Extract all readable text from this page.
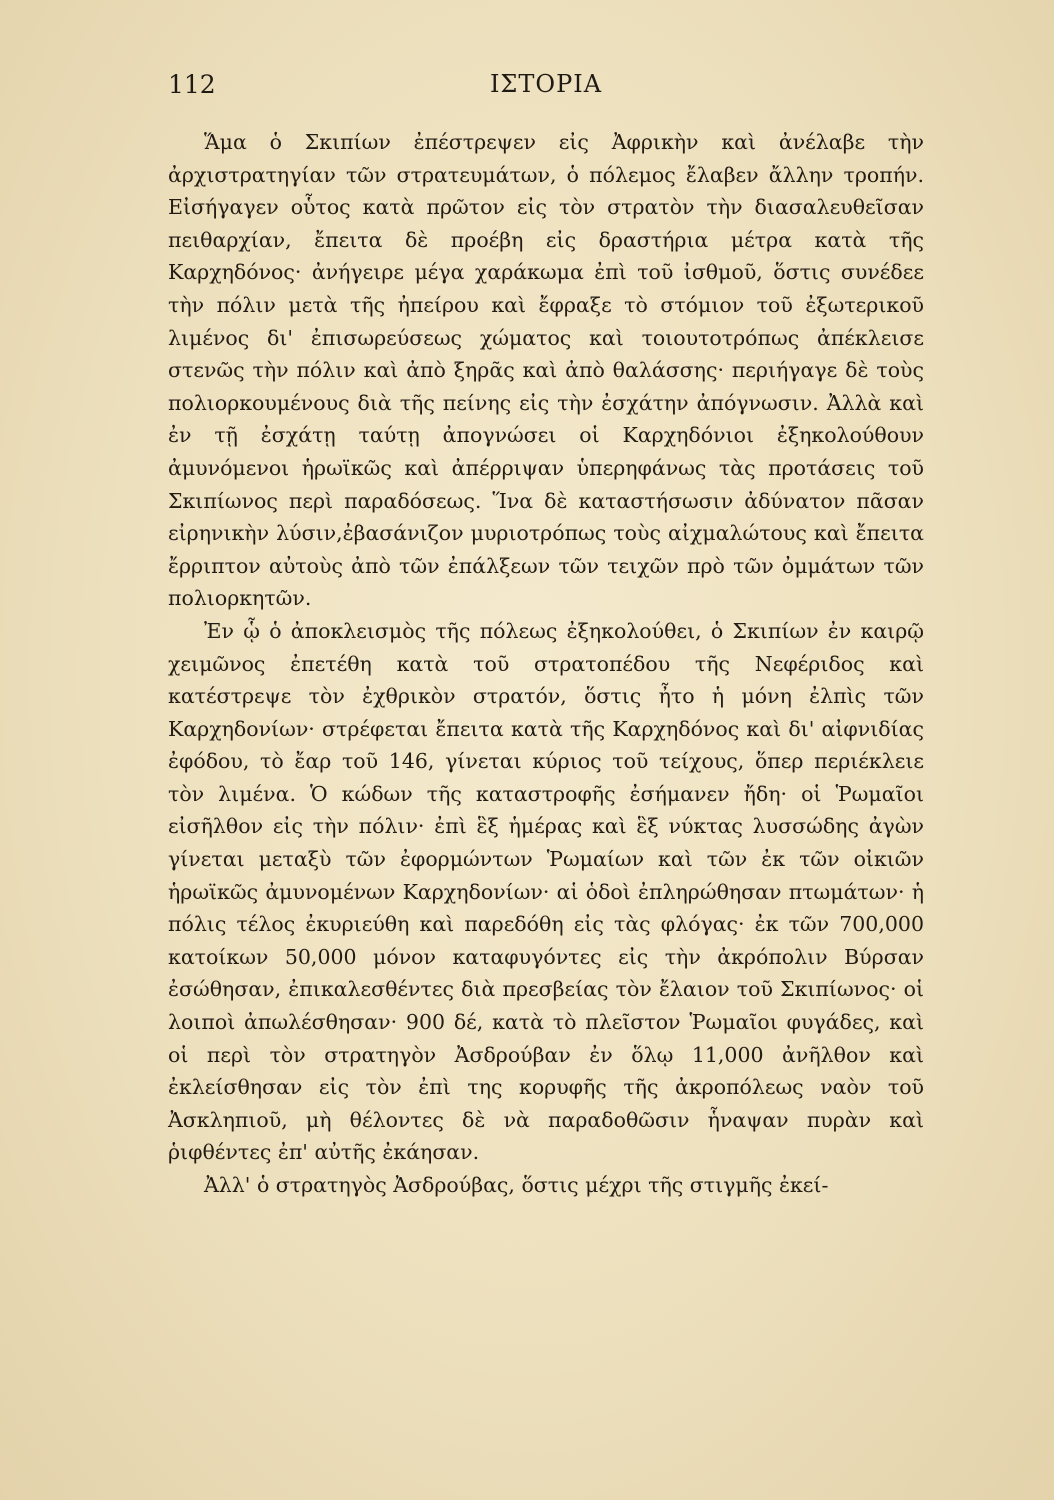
112	ΙΣΤΟΡΙΑ

Ἅμα ὁ Σκιπίων ἐπέστρεψεν εἰς Ἀφρικὴν καὶ ἀνέλαβε τὴν ἀρχιστρατηγίαν τῶν στρατευμάτων, ὁ πόλεμος ἔλαβεν ἄλλην τροπήν. Εἰσήγαγεν οὗτος κατὰ πρῶτον εἰς τὸν στρατὸν τὴν διασαλευθεῖσαν πειθαρχίαν, ἔπειτα δὲ προέβη εἰς δραστήρια μέτρα κατὰ τῆς Καρχηδόνος· ἀνήγειρε μέγα χαράκωμα ἐπὶ τοῦ ἰσθμοῦ, ὅστις συνέδεε τὴν πόλιν μετὰ τῆς ἠπείρου καὶ ἔφραξε τὸ στόμιον τοῦ ἐξωτερικοῦ λιμένος δι' ἐπισωρεύσεως χώματος καὶ τοιουτοτρόπως ἀπέκλεισε στενῶς τὴν πόλιν καὶ ἀπὸ ξηρᾶς καὶ ἀπὸ θαλάσσης· περιήγαγε δὲ τοὺς πολιορκουμένους διὰ τῆς πείνης εἰς τὴν ἐσχάτην ἀπόγνωσιν. Ἀλλὰ καὶ ἐν τῇ ἐσχάτῃ ταύτῃ ἀπογνώσει οἱ Καρχηδόνιοι ἐξηκολούθουν ἀμυνόμενοι ἡρωϊκῶς καὶ ἀπέρριψαν ὑπερηφάνως τὰς προτάσεις τοῦ Σκιπίωνος περὶ παραδόσεως. Ἵνα δὲ καταστήσωσιν ἀδύνατον πᾶσαν εἰρηνικὴν λύσιν,ἐβασάνιζον μυριοτρόπως τοὺς αἰχμαλώτους καὶ ἔπειτα ἔρριπτον αὐτοὺς ἀπὸ τῶν ἐπάλξεων τῶν τειχῶν πρὸ τῶν ὀμμάτων τῶν πολιορκητῶν.

Ἐν ᾧ ὁ ἀποκλεισμὸς τῆς πόλεως ἐξηκολούθει, ὁ Σκιπίων ἐν καιρῷ χειμῶνος ἐπετέθη κατὰ τοῦ στρατοπέδου τῆς Νεφέριδος καὶ κατέστρεψε τὸν ἐχθρικὸν στρατόν, ὅστις ἦτο ἡ μόνη ἐλπὶς τῶν Καρχηδονίων· στρέφεται ἔπειτα κατὰ τῆς Καρχηδόνος καὶ δι' αἰφνιδίας ἐφόδου, τὸ ἔαρ τοῦ 146, γίνεται κύριος τοῦ τείχους, ὅπερ περιέκλειε τὸν λιμένα. Ὁ κώδων τῆς καταστροφῆς ἐσήμανεν ἤδη· οἱ Ῥωμαῖοι εἰσῆλθον εἰς τὴν πόλιν· ἐπὶ ἓξ ἡμέρας καὶ ἓξ νύκτας λυσσώδης ἀγὼν γίνεται μεταξὺ τῶν ἐφορμώντων Ῥωμαίων καὶ τῶν ἐκ τῶν οἰκιῶν ἡρωϊκῶς ἀμυνομένων Καρχηδονίων· αἱ ὁδοὶ ἐπληρώθησαν πτωμάτων· ἡ πόλις τέλος ἐκυριεύθη καὶ παρεδόθη εἰς τὰς φλόγας· ἐκ τῶν 700,000 κατοίκων 50,000 μόνον καταφυγόντες εἰς τὴν ἀκρόπολιν Βύρσαν ἐσώθησαν, ἐπικαλεσθέντες διὰ πρεσβείας τὸν ἔλαιον τοῦ Σκιπίωνος· οἱ λοιποὶ ἀπωλέσθησαν· 900 δέ, κατὰ τὸ πλεῖστον Ῥωμαῖοι φυγάδες, καὶ οἱ περὶ τὸν στρατηγὸν Ἀσδρούβαν ἐν ὅλῳ 11,000 ἀνῆλθον καὶ ἐκλείσθησαν εἰς τὸν ἐπὶ της κορυφῆς τῆς ἀκροπόλεως ναὸν τοῦ Ἀσκληπιοῦ, μὴ θέλοντες δὲ νὰ παραδοθῶσιν ἧναψαν πυρὰν καὶ ῥιφθέντες ἐπ' αὐτῆς ἐκάησαν.

Ἀλλ' ὁ στρατηγὸς Ἀσδρούβας, ὅστις μέχρι τῆς στιγμῆς ἐκεί-
